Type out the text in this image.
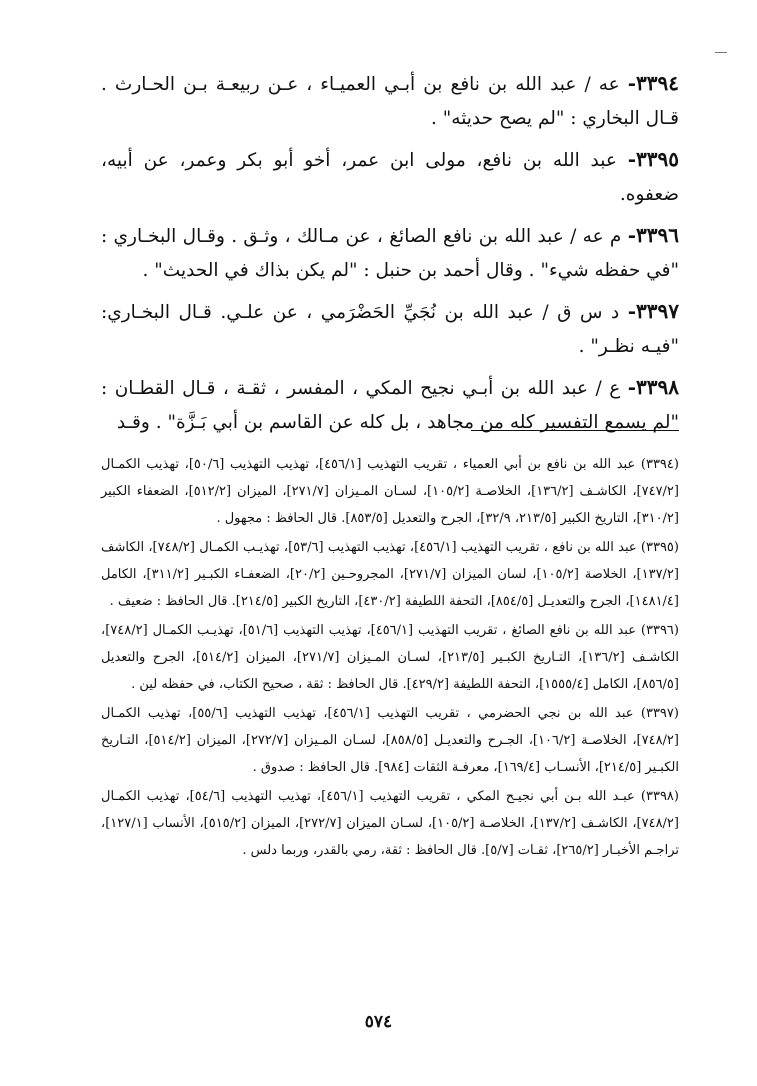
٣٣٩٤- عه / عبد الله بن نافع بن أبـي العميـاء ، عـن ربيعـة بـن الحـارث . قـال البخاري : "لم يصح حديثه" .

٣٣٩٥- عبد الله بن نافع، مولى ابن عمر، أخو أبو بكر وعمر، عن أبيه، ضعفوه.

٣٣٩٦- م عه / عبد الله بن نافع الصائغ ، عن مـالك ، وثـق . وقـال البخـاري : "في حفظه شيء" . وقال أحمد بن حنبل : "لم يكن بذاك في الحديث" .

٣٣٩٧- د س ق / عبد الله بن نُجَيِّ الحَضْرَمي ، عن علـي. قـال البخـاري: "فيـه نظـر" .

٣٣٩٨- ع / عبد الله بن أبـي نجيح المكي ، المفسر ، ثقـة ، قـال القطـان : "لم يسمع التفسير كله من مجاهد ، بل كله عن القاسم بن أبي بَـزَّة" . وقـد

(٣٣٩٤) عبد الله بن نافع بن أبي العمياء ، تقريب التهذيب [٤٥٦/١]، تهذيب التهذيب [٥٠/٦]، تهذيب الكمـال [٧٤٧/٢]، الكاشـف [١٣٦/٢]، الخلاصـة [١٠٥/٢]، لسـان المـيزان [٢٧١/٧]، الميزان [٥١٢/٢]، الضعفاء الكبير [٣١٠/٢]، التاريخ الكبير [٢١٣/٥، ٣٢/٩]، الجرح والتعديل [٨٥٣/٥]. قال الحافظ : مجهول .

(٣٣٩٥) عبد الله بن نافع ، تقريب التهذيب [٤٥٦/١]، تهذيب التهذيب [٥٣/٦]، تهذيـب الكمـال [٧٤٨/٢]، الكاشف [١٣٧/٢]، الخلاصة [١٠٥/٢]، لسان الميزان [٢٧١/٧]، المجروحـين [٢٠/٢]، الضعفـاء الكبـير [٣١١/٢]، الكامل [١٤٨١/٤]، الجرح والتعديـل [٨٥٤/٥]، التحفة اللطيفة [٤٣٠/٢]، التاريخ الكبير [٢١٤/٥]. قال الحافظ : ضعيف .

(٣٣٩٦) عبد الله بن نافع الصائغ ، تقريب التهذيب [٤٥٦/١]، تهذيب التهذيب [٥١/٦]، تهذيـب الكمـال [٧٤٨/٢]، الكاشـف [١٣٦/٢]، التـاريخ الكبـير [٢١٣/٥]، لسـان المـيزان [٢٧١/٧]، الميزان [٥١٤/٢]، الجرح والتعديل [٨٥٦/٥]، الكامل [١٥٥٥/٤]، التحفة اللطيفة [٤٢٩/٢]. قال الحافظ : ثقة ، صحيح الكتاب، في حفظه لين .

(٣٣٩٧) عبد الله بن نجي الحضرمي ، تقريب التهذيب [٤٥٦/١]، تهذيب التهذيب [٥٥/٦]، تهذيب الكمـال [٧٤٨/٢]، الخلاصـة [١٠٦/٢]، الجـرح والتعديـل [٨٥٨/٥]، لسـان المـيزان [٢٧٢/٧]، الميزان [٥١٤/٢]، التـاريخ الكبـير [٢١٤/٥]، الأنسـاب [١٦٩/٤]، معرفـة الثقات [٩٨٤]. قال الحافظ : صدوق .

(٣٣٩٨) عبـد الله بـن أبي نجيـح المكي ، تقريب التهذيب [٤٥٦/١]، تهذيب التهذيب [٥٤/٦]، تهذيب الكمـال [٧٤٨/٢]، الكاشـف [١٣٧/٢]، الخلاصـة [١٠٥/٢]، لسـان الميزان [٢٧٢/٧]، الميزان [٥١٥/٢]، الأنساب [١٢٧/١]، تراجـم الأخبـار [٢٦٥/٢]، ثقـات [٥/٧]. قال الحافظ : ثقة، رمي بالقدر، وربما دلس .

٥٧٤
